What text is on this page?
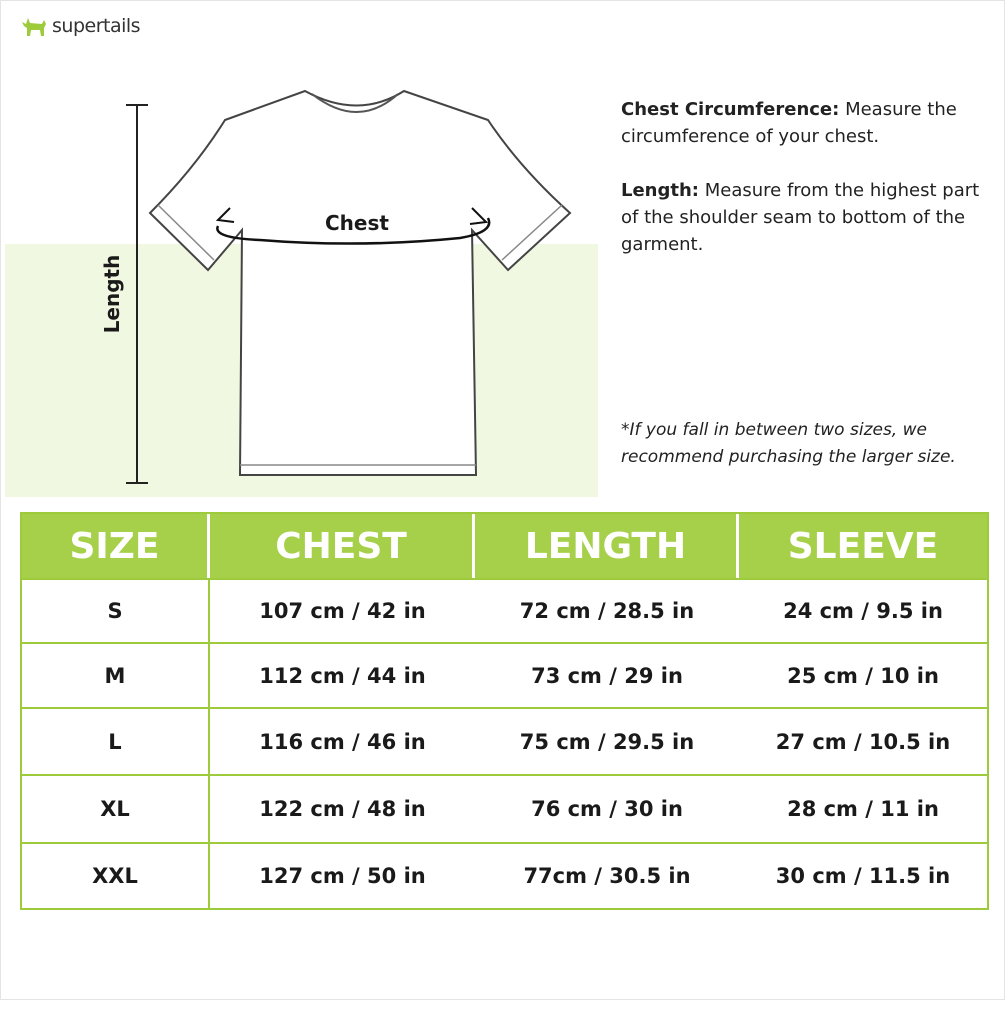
supertails
Length
Chest
Chest Circumference: Measure the circumference of your chest.
Length: Measure from the highest part of the shoulder seam to bottom of the garment.
*If you fall in between two sizes, we recommend purchasing the larger size.
SIZE	CHEST	LENGTH	SLEEVE
S	107 cm / 42 in	72 cm / 28.5 in	24 cm / 9.5 in
M	112 cm / 44 in	73 cm / 29 in	25 cm / 10 in
L	116 cm / 46 in	75 cm / 29.5 in	27 cm / 10.5 in
XL	122 cm / 48 in	76 cm / 30 in	28 cm / 11 in
XXL	127 cm / 50 in	77cm / 30.5 in	30 cm / 11.5 in
